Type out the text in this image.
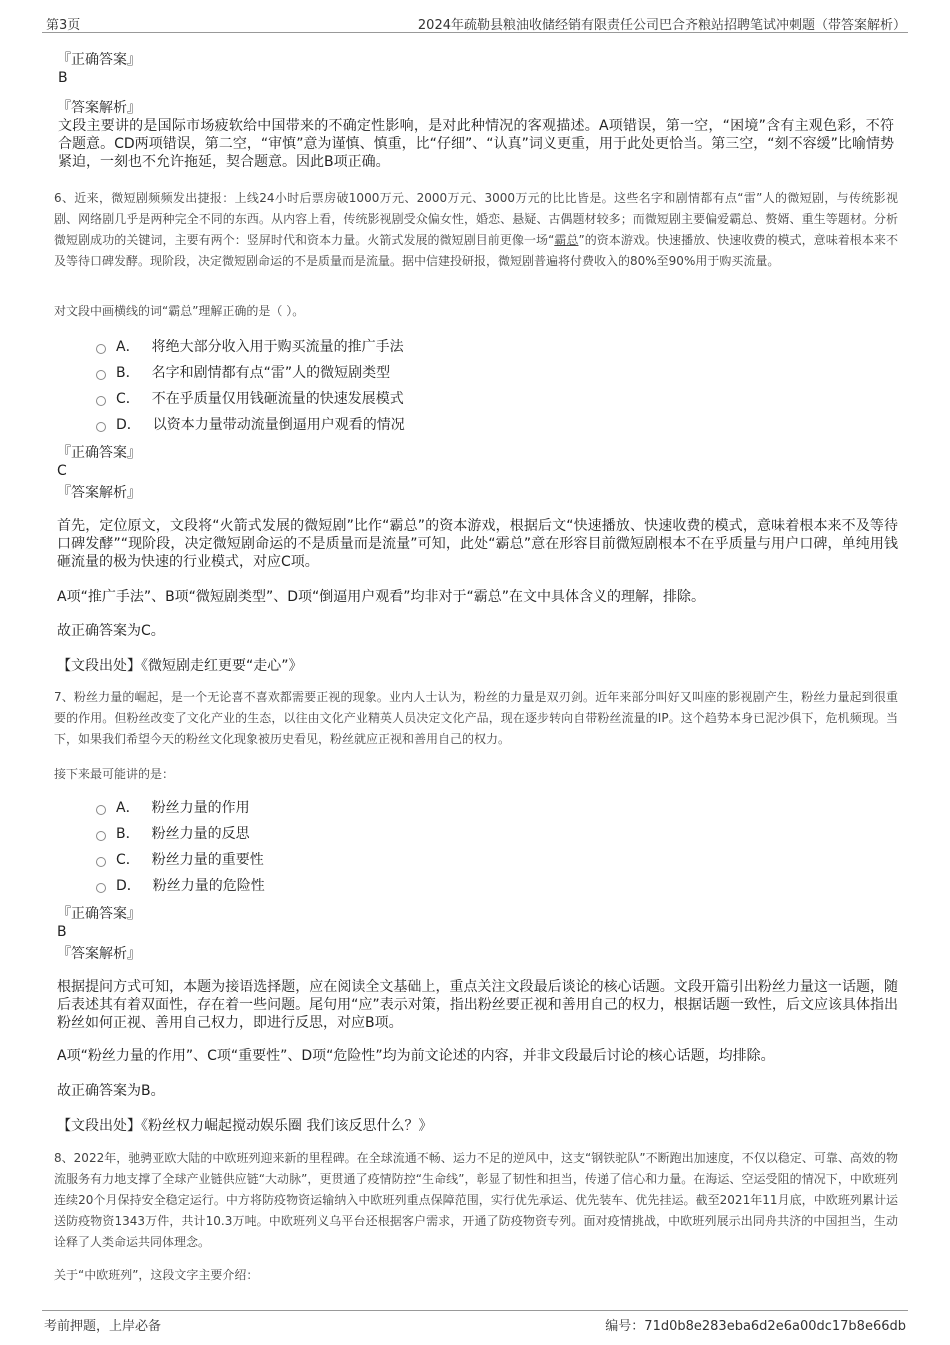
第3页	2024年疏勒县粮油收储经销有限责任公司巴合齐粮站招聘笔试冲刺题（带答案解析）
『正确答案』
B
『答案解析』
文段主要讲的是国际市场疲软给中国带来的不确定性影响，是对此种情况的客观描述。A项错误，第一空，“困境”含有主观色彩，不符合题意。CD两项错误，第二空，“审慎”意为谨慎、慎重，比“仔细”、“认真”词义更重，用于此处更恰当。第三空，“刻不容缓”比喻情势紧迫，一刻也不允许拖延，契合题意。因此B项正确。
6、近来，微短剧频频发出捷报：上线24小时后票房破1000万元、2000万元、3000万元的比比皆是。这些名字和剧情都有点“雷”人的微短剧，与传统影视剧、网络剧几乎是两种完全不同的东西。从内容上看，传统影视剧受众偏女性，婚恋、悬疑、古偶题材较多；而微短剧主要偏爱霸总、赘婿、重生等题材。分析微短剧成功的关键词，主要有两个：竖屏时代和资本力量。火箭式发展的微短剧目前更像一场“霸总”的资本游戏。快速播放、快速收费的模式，意味着根本来不及等待口碑发酵。现阶段，决定微短剧命运的不是质量而是流量。据中信建投研报，微短剧普遍将付费收入的80%至90%用于购买流量。
对文段中画横线的词“霸总”理解正确的是（ ）。
A． 将绝大部分收入用于购买流量的推广手法
B． 名字和剧情都有点“雷”人的微短剧类型
C． 不在乎质量仅用钱砸流量的快速发展模式
D． 以资本力量带动流量倒逼用户观看的情况
『正确答案』
C
『答案解析』
首先，定位原文，文段将“火箭式发展的微短剧”比作“霸总”的资本游戏，根据后文“快速播放、快速收费的模式，意味着根本来不及等待口碑发酵”“现阶段，决定微短剧命运的不是质量而是流量”可知，此处“霸总”意在形容目前微短剧根本不在乎质量与用户口碑，单纯用钱砸流量的极为快速的行业模式，对应C项。
A项“推广手法”、B项“微短剧类型”、D项“倒逼用户观看”均非对于“霸总”在文中具体含义的理解，排除。
故正确答案为C。
【文段出处】《微短剧走红更要“走心”》
7、粉丝力量的崛起，是一个无论喜不喜欢都需要正视的现象。业内人士认为，粉丝的力量是双刃剑。近年来部分叫好又叫座的影视剧产生，粉丝力量起到很重要的作用。但粉丝改变了文化产业的生态，以往由文化产业精英人员决定文化产品，现在逐步转向自带粉丝流量的IP。这个趋势本身已泥沙俱下，危机频现。当下，如果我们希望今天的粉丝文化现象被历史看见，粉丝就应正视和善用自己的权力。
接下来最可能讲的是：
A． 粉丝力量的作用
B． 粉丝力量的反思
C． 粉丝力量的重要性
D． 粉丝力量的危险性
『正确答案』
B
『答案解析』
根据提问方式可知，本题为接语选择题，应在阅读全文基础上，重点关注文段最后谈论的核心话题。文段开篇引出粉丝力量这一话题，随后表述其有着双面性，存在着一些问题。尾句用“应”表示对策，指出粉丝要正视和善用自己的权力，根据话题一致性，后文应该具体指出粉丝如何正视、善用自己权力，即进行反思，对应B项。
A项“粉丝力量的作用”、C项“重要性”、D项“危险性”均为前文论述的内容，并非文段最后讨论的核心话题，均排除。
故正确答案为B。
【文段出处】《粉丝权力崛起搅动娱乐圈 我们该反思什么？》
8、2022年，驰骋亚欧大陆的中欧班列迎来新的里程碑。在全球流通不畅、运力不足的逆风中，这支“钢铁驼队”不断跑出加速度，不仅以稳定、可靠、高效的物流服务有力地支撑了全球产业链供应链“大动脉”，更贯通了疫情防控“生命线”，彰显了韧性和担当，传递了信心和力量。在海运、空运受阻的情况下，中欧班列连续20个月保持安全稳定运行。中方将防疫物资运输纳入中欧班列重点保障范围，实行优先承运、优先装车、优先挂运。截至2021年11月底，中欧班列累计运送防疫物资1343万件，共计10.3万吨。中欧班列义乌平台还根据客户需求，开通了防疫物资专列。面对疫情挑战，中欧班列展示出同舟共济的中国担当，生动诠释了人类命运共同体理念。
关于“中欧班列”，这段文字主要介绍：
考前押题，上岸必备	编号：71d0b8e283eba6d2e6a00dc17b8e66db
